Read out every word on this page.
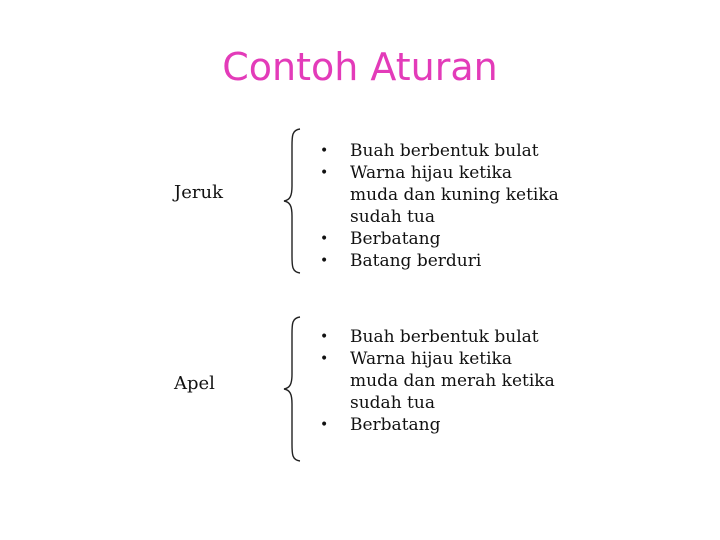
Contoh Aturan
Jeruk
• Buah berbentuk bulat
• Warna hijau ketika muda dan kuning ketika sudah tua
• Berbatang
• Batang berduri
Apel
• Buah berbentuk bulat
• Warna hijau ketika muda dan merah ketika sudah tua
• Berbatang
